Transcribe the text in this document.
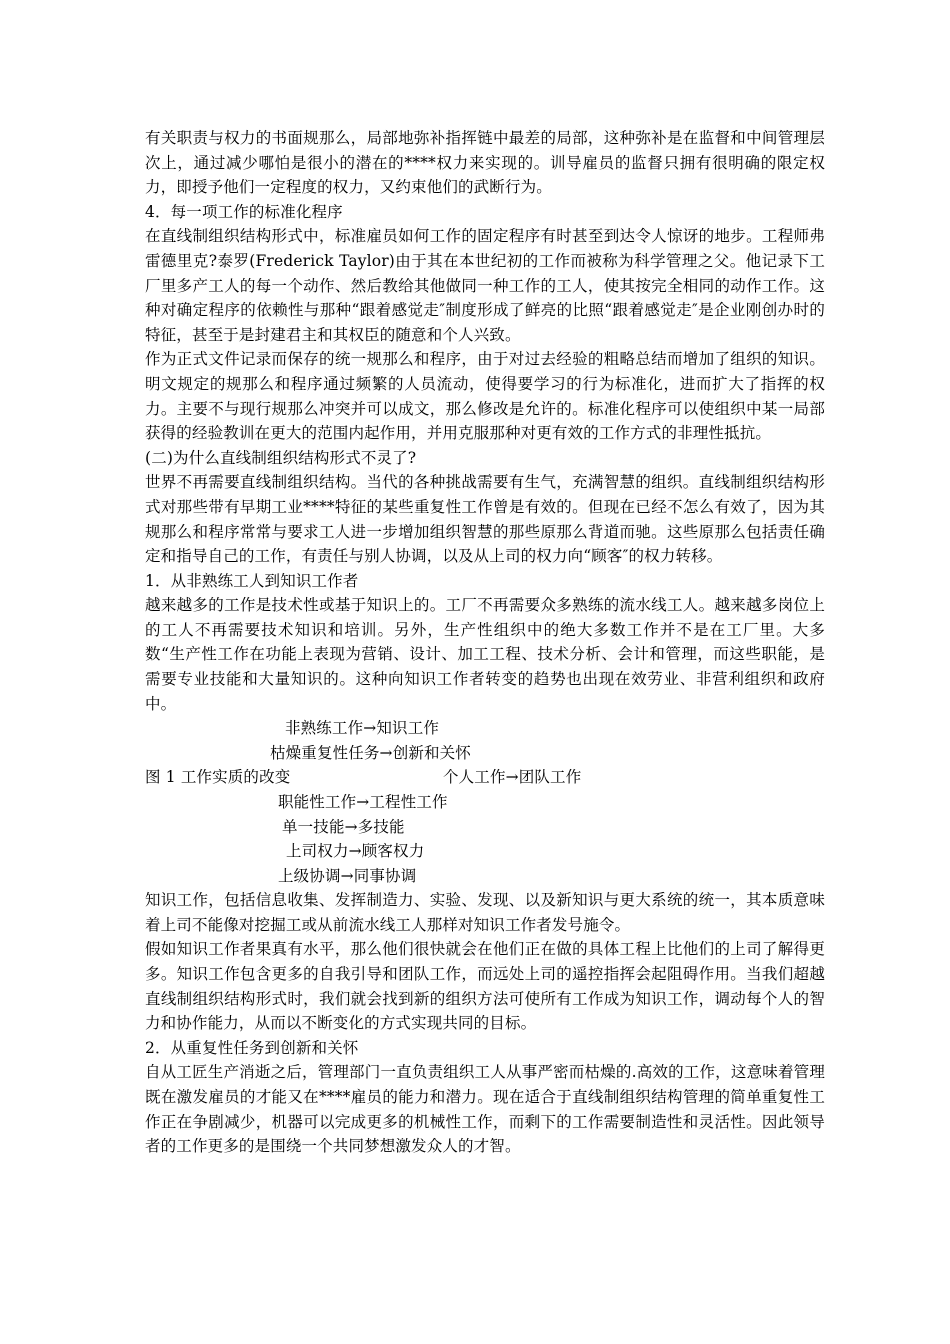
有关职责与权力的书面规那么，局部地弥补指挥链中最差的局部，这种弥补是在监督和中间管理层次上，通过减少哪怕是很小的潜在的****权力来实现的。训导雇员的监督只拥有很明确的限定权力，即授予他们一定程度的权力，又约束他们的武断行为。

4．每一项工作的标准化程序

在直线制组织结构形式中，标准雇员如何工作的固定程序有时甚至到达令人惊讶的地步。工程师弗雷德里克?泰罗(Frederick Taylor)由于其在本世纪初的工作而被称为科学管理之父。他记录下工厂里多产工人的每一个动作、然后教给其他做同一种工作的工人，使其按完全相同的动作工作。这种对确定程序的依赖性与那种“跟着感觉走″制度形成了鲜亮的比照“跟着感觉走″是企业刚创办时的特征，甚至于是封建君主和其权臣的随意和个人兴致。

作为正式文件记录而保存的统一规那么和程序，由于对过去经验的粗略总结而增加了组织的知识。明文规定的规那么和程序通过频繁的人员流动，使得要学习的行为标准化，进而扩大了指挥的权力。主要不与现行规那么冲突并可以成文，那么修改是允许的。标准化程序可以使组织中某一局部获得的经验教训在更大的范围内起作用，并用克服那种对更有效的工作方式的非理性抵抗。

(二)为什么直线制组织结构形式不灵了?

世界不再需要直线制组织结构。当代的各种挑战需要有生气，充满智慧的组织。直线制组织结构形式对那些带有早期工业****特征的某些重复性工作曾是有效的。但现在已经不怎么有效了，因为其规那么和程序常常与要求工人进一步增加组织智慧的那些原那么背道而驰。这些原那么包括责任确定和指导自己的工作，有责任与别人协调，以及从上司的权力向“顾客″的权力转移。

1．从非熟练工人到知识工作者

越来越多的工作是技术性或基于知识上的。工厂不再需要众多熟练的流水线工人。越来越多岗位上的工人不再需要技术知识和培训。另外，生产性组织中的绝大多数工作并不是在工厂里。大多数“生产性工作在功能上表现为营销、设计、加工工程、技术分析、会计和管理，而这些职能，是需要专业技能和大量知识的。这种向知识工作者转变的趋势也出现在效劳业、非营利组织和政府中。

非熟练工作→知识工作
枯燥重复性任务→创新和关怀
图 1 工作实质的改变	个人工作→团队工作
职能性工作→工程性工作
单一技能→多技能
上司权力→顾客权力
上级协调→同事协调

知识工作，包括信息收集、发挥制造力、实验、发现、以及新知识与更大系统的统一，其本质意味着上司不能像对挖掘工或从前流水线工人那样对知识工作者发号施令。

假如知识工作者果真有水平，那么他们很快就会在他们正在做的具体工程上比他们的上司了解得更多。知识工作包含更多的自我引导和团队工作，而远处上司的遥控指挥会起阻碍作用。当我们超越直线制组织结构形式时，我们就会找到新的组织方法可使所有工作成为知识工作，调动每个人的智力和协作能力，从而以不断变化的方式实现共同的目标。

2．从重复性任务到创新和关怀

自从工匠生产消逝之后，管理部门一直负责组织工人从事严密而枯燥的.高效的工作，这意味着管理既在激发雇员的才能又在****雇员的能力和潜力。现在适合于直线制组织结构管理的简单重复性工作正在争剧减少，机器可以完成更多的机械性工作，而剩下的工作需要制造性和灵活性。因此领导者的工作更多的是围绕一个共同梦想激发众人的才智。
